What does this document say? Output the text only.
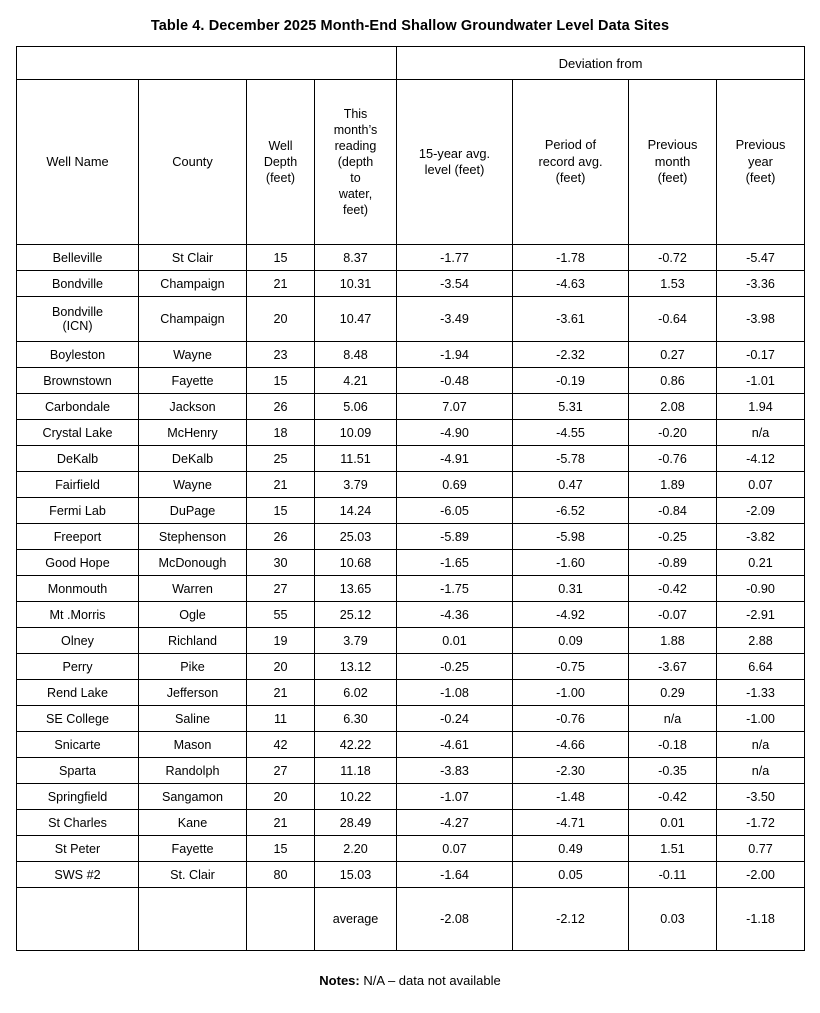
Table 4. December 2025 Month-End Shallow Groundwater Level Data Sites
				Deviation from			
Well Name	County	Well
Depth
(feet)	This
month’s
reading
(depth
to
water,
feet)	15-year avg.
level (feet)	Period of
record avg.
(feet)	Previous
month
(feet)	Previous
year
(feet)
Belleville	St Clair	15	8.37	-1.77	-1.78	-0.72	-5.47
Bondville	Champaign	21	10.31	-3.54	-4.63	1.53	-3.36
Bondville
(ICN)	Champaign	20	10.47	-3.49	-3.61	-0.64	-3.98
Boyleston	Wayne	23	8.48	-1.94	-2.32	0.27	-0.17
Brownstown	Fayette	15	4.21	-0.48	-0.19	0.86	-1.01
Carbondale	Jackson	26	5.06	7.07	5.31	2.08	1.94
Crystal Lake	McHenry	18	10.09	-4.90	-4.55	-0.20	n/a
DeKalb	DeKalb	25	11.51	-4.91	-5.78	-0.76	-4.12
Fairfield	Wayne	21	3.79	0.69	0.47	1.89	0.07
Fermi Lab	DuPage	15	14.24	-6.05	-6.52	-0.84	-2.09
Freeport	Stephenson	26	25.03	-5.89	-5.98	-0.25	-3.82
Good Hope	McDonough	30	10.68	-1.65	-1.60	-0.89	0.21
Monmouth	Warren	27	13.65	-1.75	0.31	-0.42	-0.90
Mt .Morris	Ogle	55	25.12	-4.36	-4.92	-0.07	-2.91
Olney	Richland	19	3.79	0.01	0.09	1.88	2.88
Perry	Pike	20	13.12	-0.25	-0.75	-3.67	6.64
Rend Lake	Jefferson	21	6.02	-1.08	-1.00	0.29	-1.33
SE College	Saline	11	6.30	-0.24	-0.76	n/a	-1.00
Snicarte	Mason	42	42.22	-4.61	-4.66	-0.18	n/a
Sparta	Randolph	27	11.18	-3.83	-2.30	-0.35	n/a
Springfield	Sangamon	20	10.22	-1.07	-1.48	-0.42	-3.50
St Charles	Kane	21	28.49	-4.27	-4.71	0.01	-1.72
St Peter	Fayette	15	2.20	0.07	0.49	1.51	0.77
SWS #2	St. Clair	80	15.03	-1.64	0.05	-0.11	-2.00
			average	-2.08	-2.12	0.03	-1.18
Notes: N/A – data not available
